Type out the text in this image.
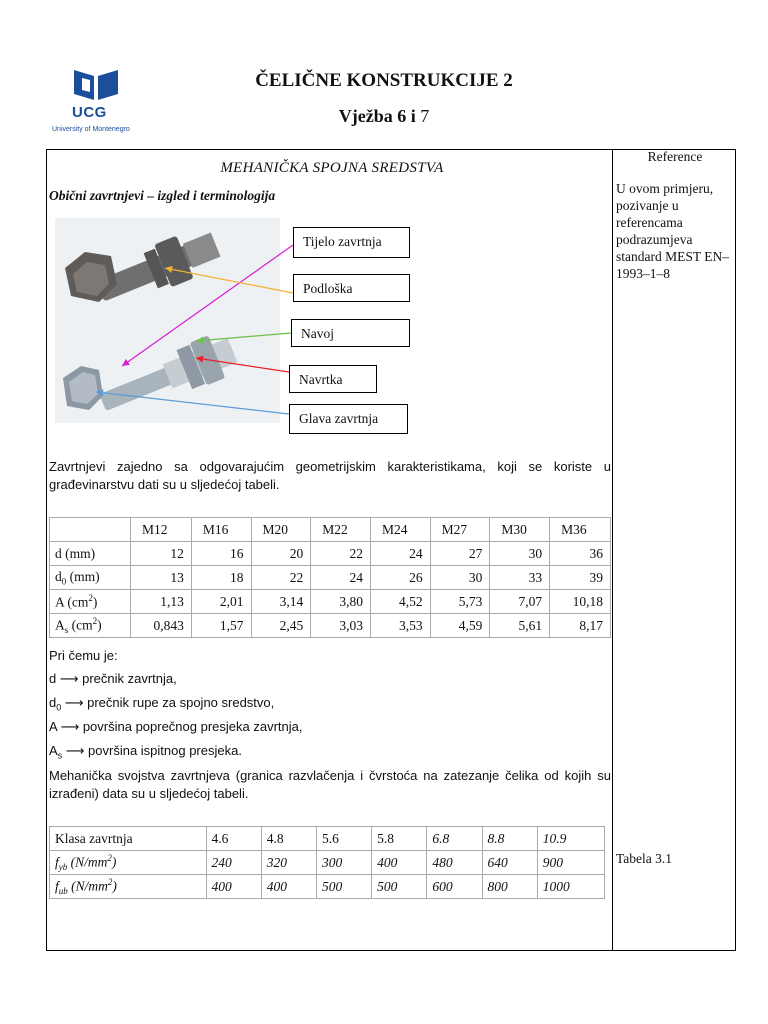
UCG
University of Montenegro
ČELIČNE KONSTRUKCIJE 2
Vježba 6 i 7
Reference
U ovom primjeru, pozivanje u referencama podrazumjeva standard MEST EN–1993–1–8
Tabela 3.1
MEHANIČKA SPOJNA SREDSTVA
Obični zavrtnjevi – izgled i terminologija
Tijelo zavrtnja
Podloška
Navoj
Navrtka
Glava zavrtnja
Zavrtnjevi zajedno sa odgovarajućim geometrijskim karakteristikama, koji se koriste u građevinarstvu dati su u sljedećoj tabeli.
	M12	M16	M20	M22	M24	M27	M30	M36
d (mm)	12	16	20	22	24	27	30	36
$d_0$ (mm)	13	18	22	24	26	30	33	39
A $(cm^2)$	1,13	2,01	3,14	3,80	4,52	5,73	7,07	10,18
$A_s$ $(cm^2)$	0,843	1,57	2,45	3,03	3,53	4,59	5,61	8,17
Pri čemu je:
d ⟶ prečnik zavrtnja,
$d_0$ ⟶ prečnik rupe za spojno sredstvo,
A ⟶ površina poprečnog presjeka zavrtnja,
$A_s$ ⟶ površina ispitnog presjeka.
Mehanička svojstva zavrtnjeva (granica razvlačenja i čvrstoća na zatezanje čelika od kojih su izrađeni) data su u sljedećoj tabeli.
Klasa zavrtnja	4.6	4.8	5.6	5.8	6.8	8.8	10.9
$f_{yb}$ $(N/mm^2)$	240	320	300	400	480	640	900
$f_{ub}$ $(N/mm^2)$	400	400	500	500	600	800	1000
